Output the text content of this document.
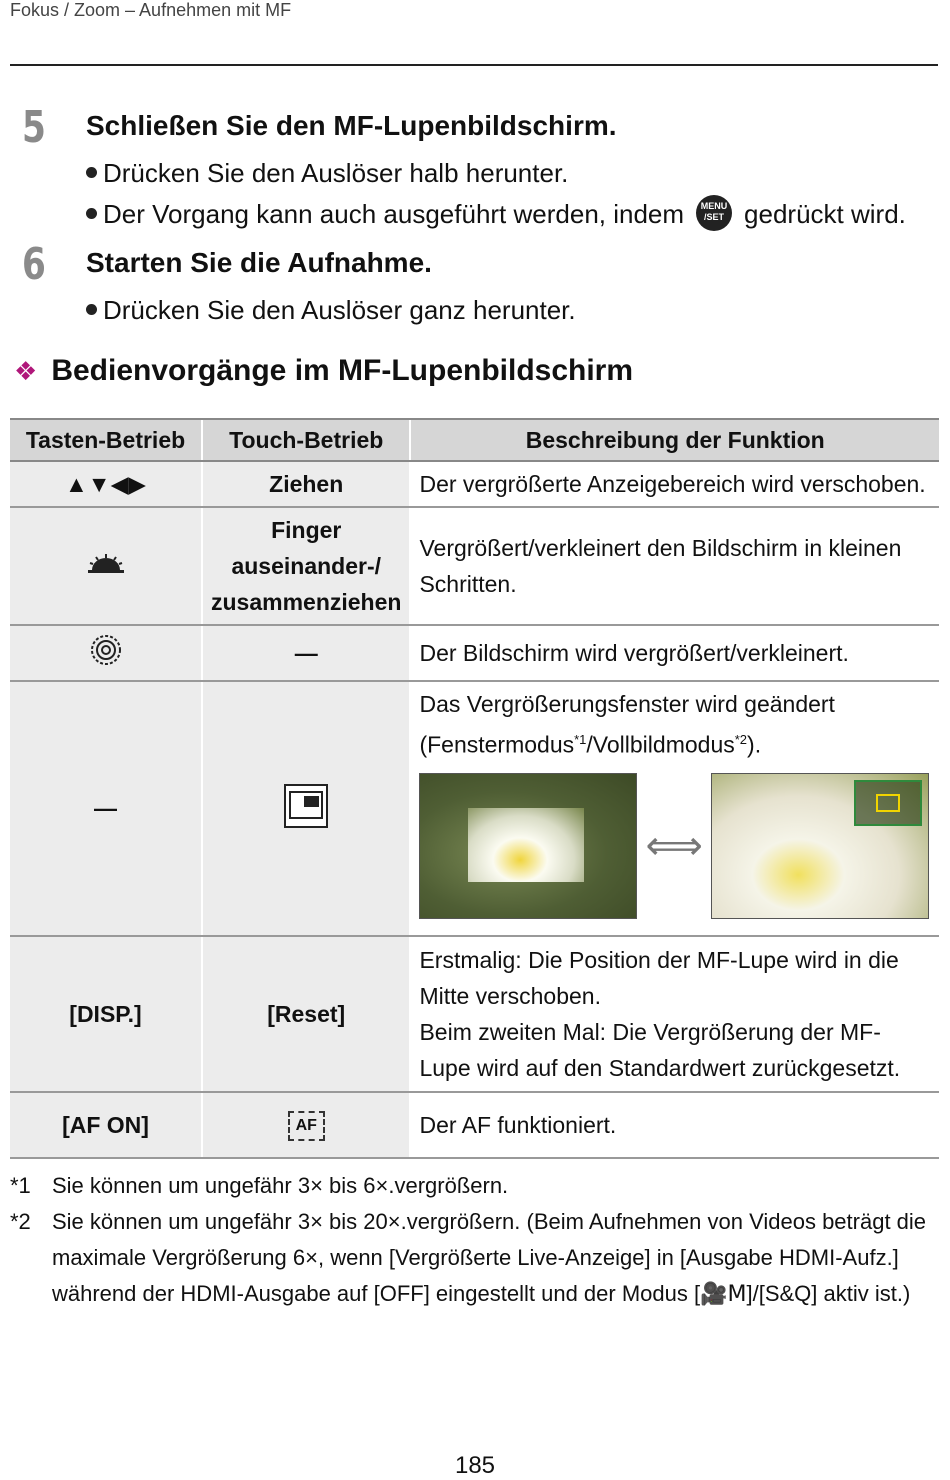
Fokus / Zoom – Aufnehmen mit MF
5 Schließen Sie den MF-Lupenbildschirm.
Drücken Sie den Auslöser halb herunter.
Der Vorgang kann auch ausgeführt werden, indem MENU
/SET gedrückt wird.
6 Starten Sie die Aufnahme.
Drücken Sie den Auslöser ganz herunter.
❖ Bedienvorgänge im MF-Lupenbildschirm
Tasten-Betrieb	Touch-Betrieb	Beschreibung der Funktion
▲▼◀▶	Ziehen	Der vergrößerte Anzeigebereich wird verschoben.
	Finger auseinander-/ zusammenziehen	Vergrößert/verkleinert den Bildschirm in kleinen Schritten.
	—	Der Bildschirm wird vergrößert/verkleinert.
—		Das Vergrößerungsfenster wird geändert
(Fenstermodus$^{*1}$/Vollbildmodus$^{*2}$).
⟺

[DISP.]	[Reset]	Erstmalig: Die Position der MF-Lupe wird in die Mitte verschoben.
Beim zweiten Mal: Die Vergrößerung der MF-Lupe wird auf den Standardwert zurückgesetzt.

[AF ON]	AF	Der AF funktioniert.
*1 Sie können um ungefähr 3× bis 6×.vergrößern.
*2 Sie können um ungefähr 3× bis 20×.vergrößern. (Beim Aufnehmen von Videos beträgt die maximale Vergrößerung 6×, wenn [Vergrößerte Live-Anzeige] in [Ausgabe HDMI-Aufz.] während der HDMI-Ausgabe auf [OFF] eingestellt und der Modus [🎥M]/[S&Q] aktiv ist.)
185
